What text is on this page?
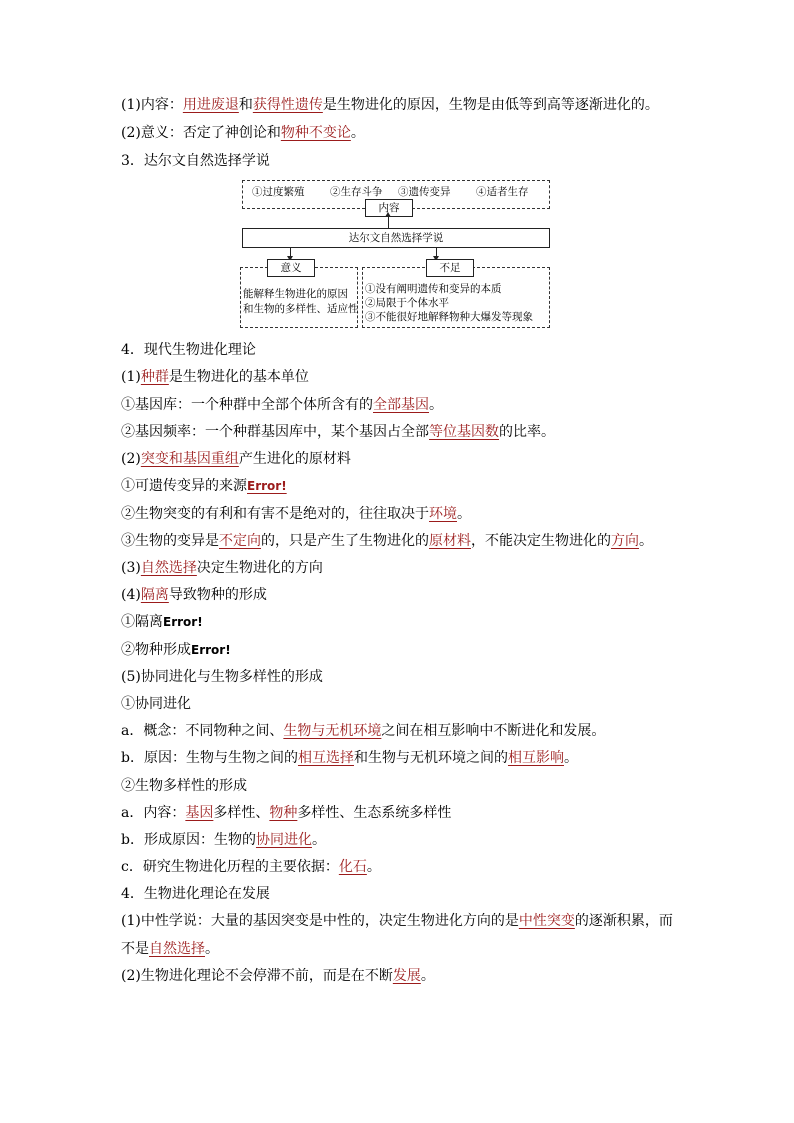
(1)内容：用进废退和获得性遗传是生物进化的原因，生物是由低等到高等逐渐进化的。
(2)意义：否定了神创论和物种不变论。
3．达尔文自然选择学说
①过度繁殖 ②生存斗争 ③遗传变异 ④适者生存
内容
达尔文自然选择学说
意义
能解释生物进化的原因
和生物的多样性、适应性
不足
①没有阐明遗传和变异的本质
②局限于个体水平
③不能很好地解释物种大爆发等现象
4．现代生物进化理论
(1)种群是生物进化的基本单位
①基因库：一个种群中全部个体所含有的全部基因。
②基因频率：一个种群基因库中，某个基因占全部等位基因数的比率。
(2)突变和基因重组产生进化的原材料
①可遗传变异的来源Error!
②生物突变的有利和有害不是绝对的，往往取决于环境。
③生物的变异是不定向的，只是产生了生物进化的原材料，不能决定生物进化的方向。
(3)自然选择决定生物进化的方向
(4)隔离导致物种的形成
①隔离Error!
②物种形成Error!
(5)协同进化与生物多样性的形成
①协同进化
a．概念：不同物种之间、生物与无机环境之间在相互影响中不断进化和发展。
b．原因：生物与生物之间的相互选择和生物与无机环境之间的相互影响。
②生物多样性的形成
a．内容：基因多样性、物种多样性、生态系统多样性
b．形成原因：生物的协同进化。
c．研究生物进化历程的主要依据：化石。
4．生物进化理论在发展
(1)中性学说：大量的基因突变是中性的，决定生物进化方向的是中性突变的逐渐积累，而
不是自然选择。
(2)生物进化理论不会停滞不前，而是在不断发展。
